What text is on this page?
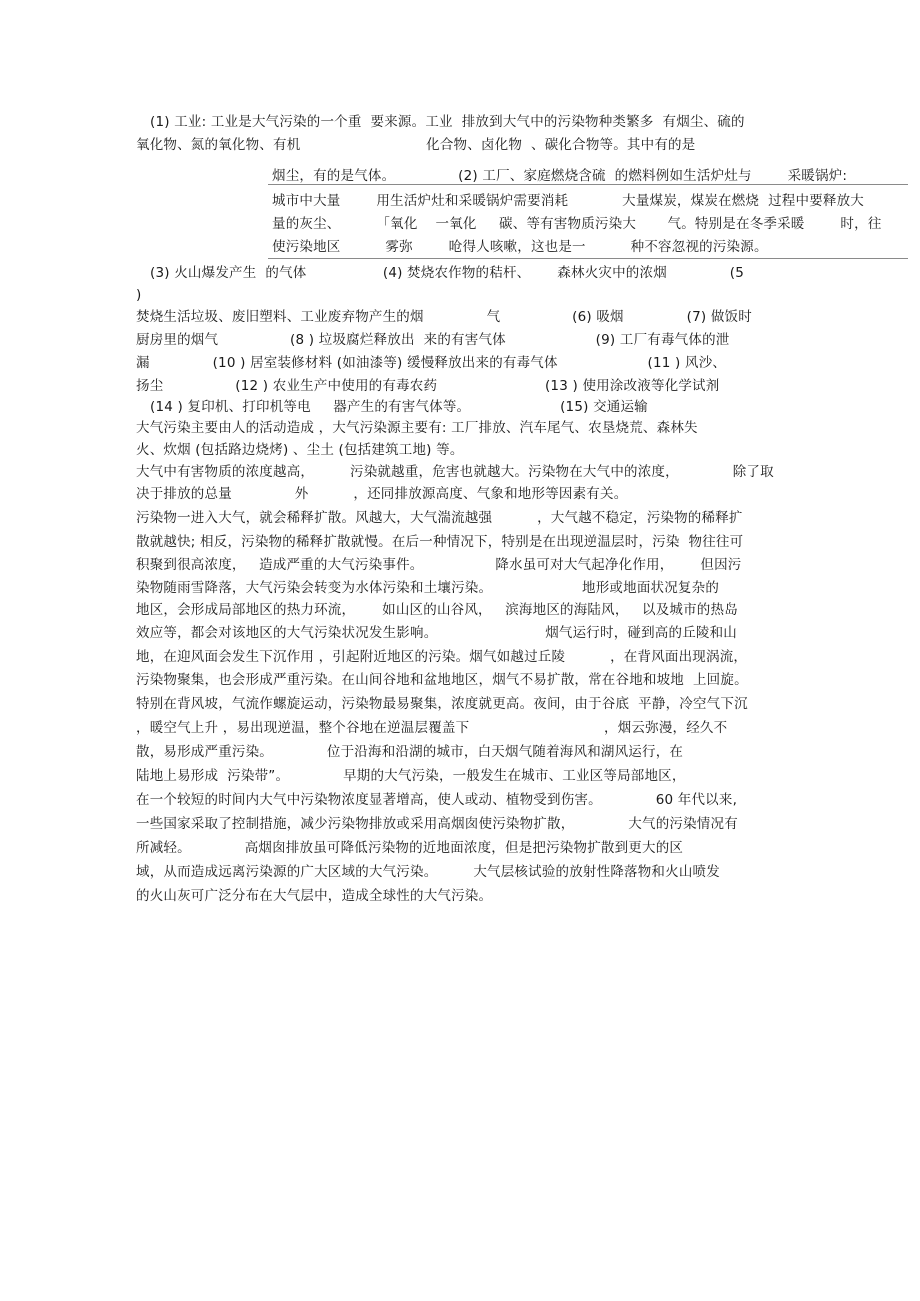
(1) 工业: 工业是大气污染的一个重  要来源。工业  排放到大气中的污染物种类繁多  有烟尘、硫的
氧化物、氮的氧化物、有机                            化合物、卤化物  、碳化合物等。其中有的是
烟尘，有的是气体。              (2) 工厂、家庭燃烧含硫  的燃料例如生活炉灶与        采暖锅炉:
城市中大量        用生活炉灶和采暖锅炉需要消耗            大量煤炭，煤炭在燃烧  过程中要释放大
量的灰尘、        「氧化    一氧化     碳、等有害物质污染大       气。特别是在冬季采暖        时，往
使污染地区          雾弥        呛得人咳嗽，这也是一          种不容忽视的污染源。
(3) 火山爆发产生  的气体                 (4) 焚烧农作物的秸杆、      森林火灾中的浓烟              (5
)
焚烧生活垃圾、废旧塑料、工业废弃物产生的烟              气                (6) 吸烟              (7) 做饭时
厨房里的烟气                (8 ) 垃圾腐烂释放出  来的有害气体                    (9) 工厂有毒气体的泄
漏              (10 ) 居室装修材料 (如油漆等) 缓慢释放出来的有毒气体                    (11 ) 风沙、
扬尘                (12 ) 农业生产中使用的有毒农药                        (13 ) 使用涂改液等化学试剂
(14 ) 复印机、打印机等电     器产生的有害气体等。                    (15) 交通运输
大气污染主要由人的活动造成 ，大气污染源主要有: 工厂排放、汽车尾气、农垦烧荒、森林失
火、炊烟 (包括路边烧烤) 、尘土 (包括建筑工地) 等。
大气中有害物质的浓度越高，        污染就越重，危害也就越大。污染物在大气中的浓度，            除了取
决于排放的总量              外          ，还同排放源高度、气象和地形等因素有关。
污染物一进入大气，就会稀释扩散。风越大，大气湍流越强          ，大气越不稳定，污染物的稀释扩
散就越快; 相反，污染物的稀释扩散就慢。在后一种情况下，特别是在出现逆温层时，污染  物往往可
积聚到很高浓度，   造成严重的大气污染事件。                降水虽可对大气起净化作用，      但因污
染物随雨雪降落，大气污染会转变为水体污染和土壤污染。                    地形或地面状况复杂的
地区，会形成局部地区的热力环流，      如山区的山谷风，   滨海地区的海陆风，   以及城市的热岛
效应等，都会对该地区的大气污染状况发生影响。                        烟气运行时，碰到高的丘陵和山
地，在迎风面会发生下沉作用 ，引起附近地区的污染。烟气如越过丘陵          ，在背风面出现涡流，
污染物聚集，也会形成严重污染。在山间谷地和盆地地区，烟气不易扩散，常在谷地和坡地  上回旋。
特别在背风坡，气流作螺旋运动，污染物最易聚集，浓度就更高。夜间，由于谷底  平静，冷空气下沉
，暖空气上升 ，易出现逆温，整个谷地在逆温层覆盖下                              ，烟云弥漫，经久不
散，易形成严重污染。            位于沿海和沿湖的城市，白天烟气随着海风和湖风运行，在
陆地上易形成  污染带”。            早期的大气污染，一般发生在城市、工业区等局部地区，
在一个较短的时间内大气中污染物浓度显著增高，使人或动、植物受到伤害。            60 年代以来,
一些国家采取了控制措施，减少污染物排放或采用高烟囱使污染物扩散，            大气的污染情况有
所减轻。            高烟囱排放虽可降低污染物的近地面浓度，但是把污染物扩散到更大的区
域，从而造成远离污染源的广大区域的大气污染。        大气层核试验的放射性降落物和火山喷发
的火山灰可广泛分布在大气层中，造成全球性的大气污染。
